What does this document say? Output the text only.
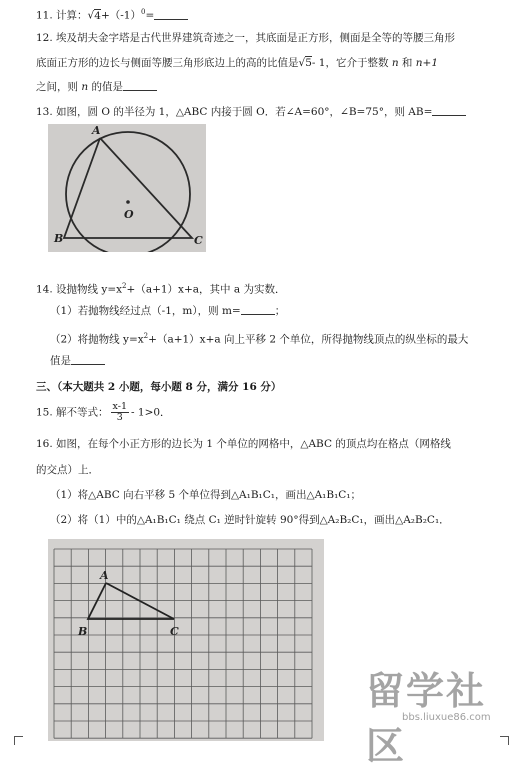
11. 计算：$√4+(-1)^0=$
12. 埃及胡夫金字塔是古代世界建筑奇迹之一，其底面是正方形，侧面是全等的等腰三角形
底面正方形的边长与侧面等腰三角形底边上的高的比值是√5- 1，它介于整数 n 和 n+1
之间，则 n 的值是
13. 如图，圆 O 的半径为 1，△ABC 内接于圆 O．若∠A=60°，∠B=75°，则 AB=
A
B	C
O
14. 设抛物线 $y=x^2+(a+1)x+a$，其中 a 为实数．
（1）若抛物线经过点（-1，m），则 m=	；
（2）将抛物线 $y=x^2+(a+1)x+a$ 向上平移 2 个单位，所得抛物线顶点的纵坐标的最大
值是
三、（本大题共 2 小题，每小题 8 分，满分 16 分）
15. 解不等式： $\frac{x-1}{3} - 1>0$．
16. 如图，在每个小正方形的边长为 1 个单位的网格中，△ABC 的顶点均在格点（网格线
的交点）上．
（1）将△ABC 向右平移 5 个单位得到△A₁B₁C₁，画出△A₁B₁C₁；
（2）将（1）中的△A₁B₁C₁ 绕点 C₁ 逆时针旋转 90°得到△A₂B₂C₁，画出△A₂B₂C₁．
A
B	C
留学社区
bbs.liuxue86.com
